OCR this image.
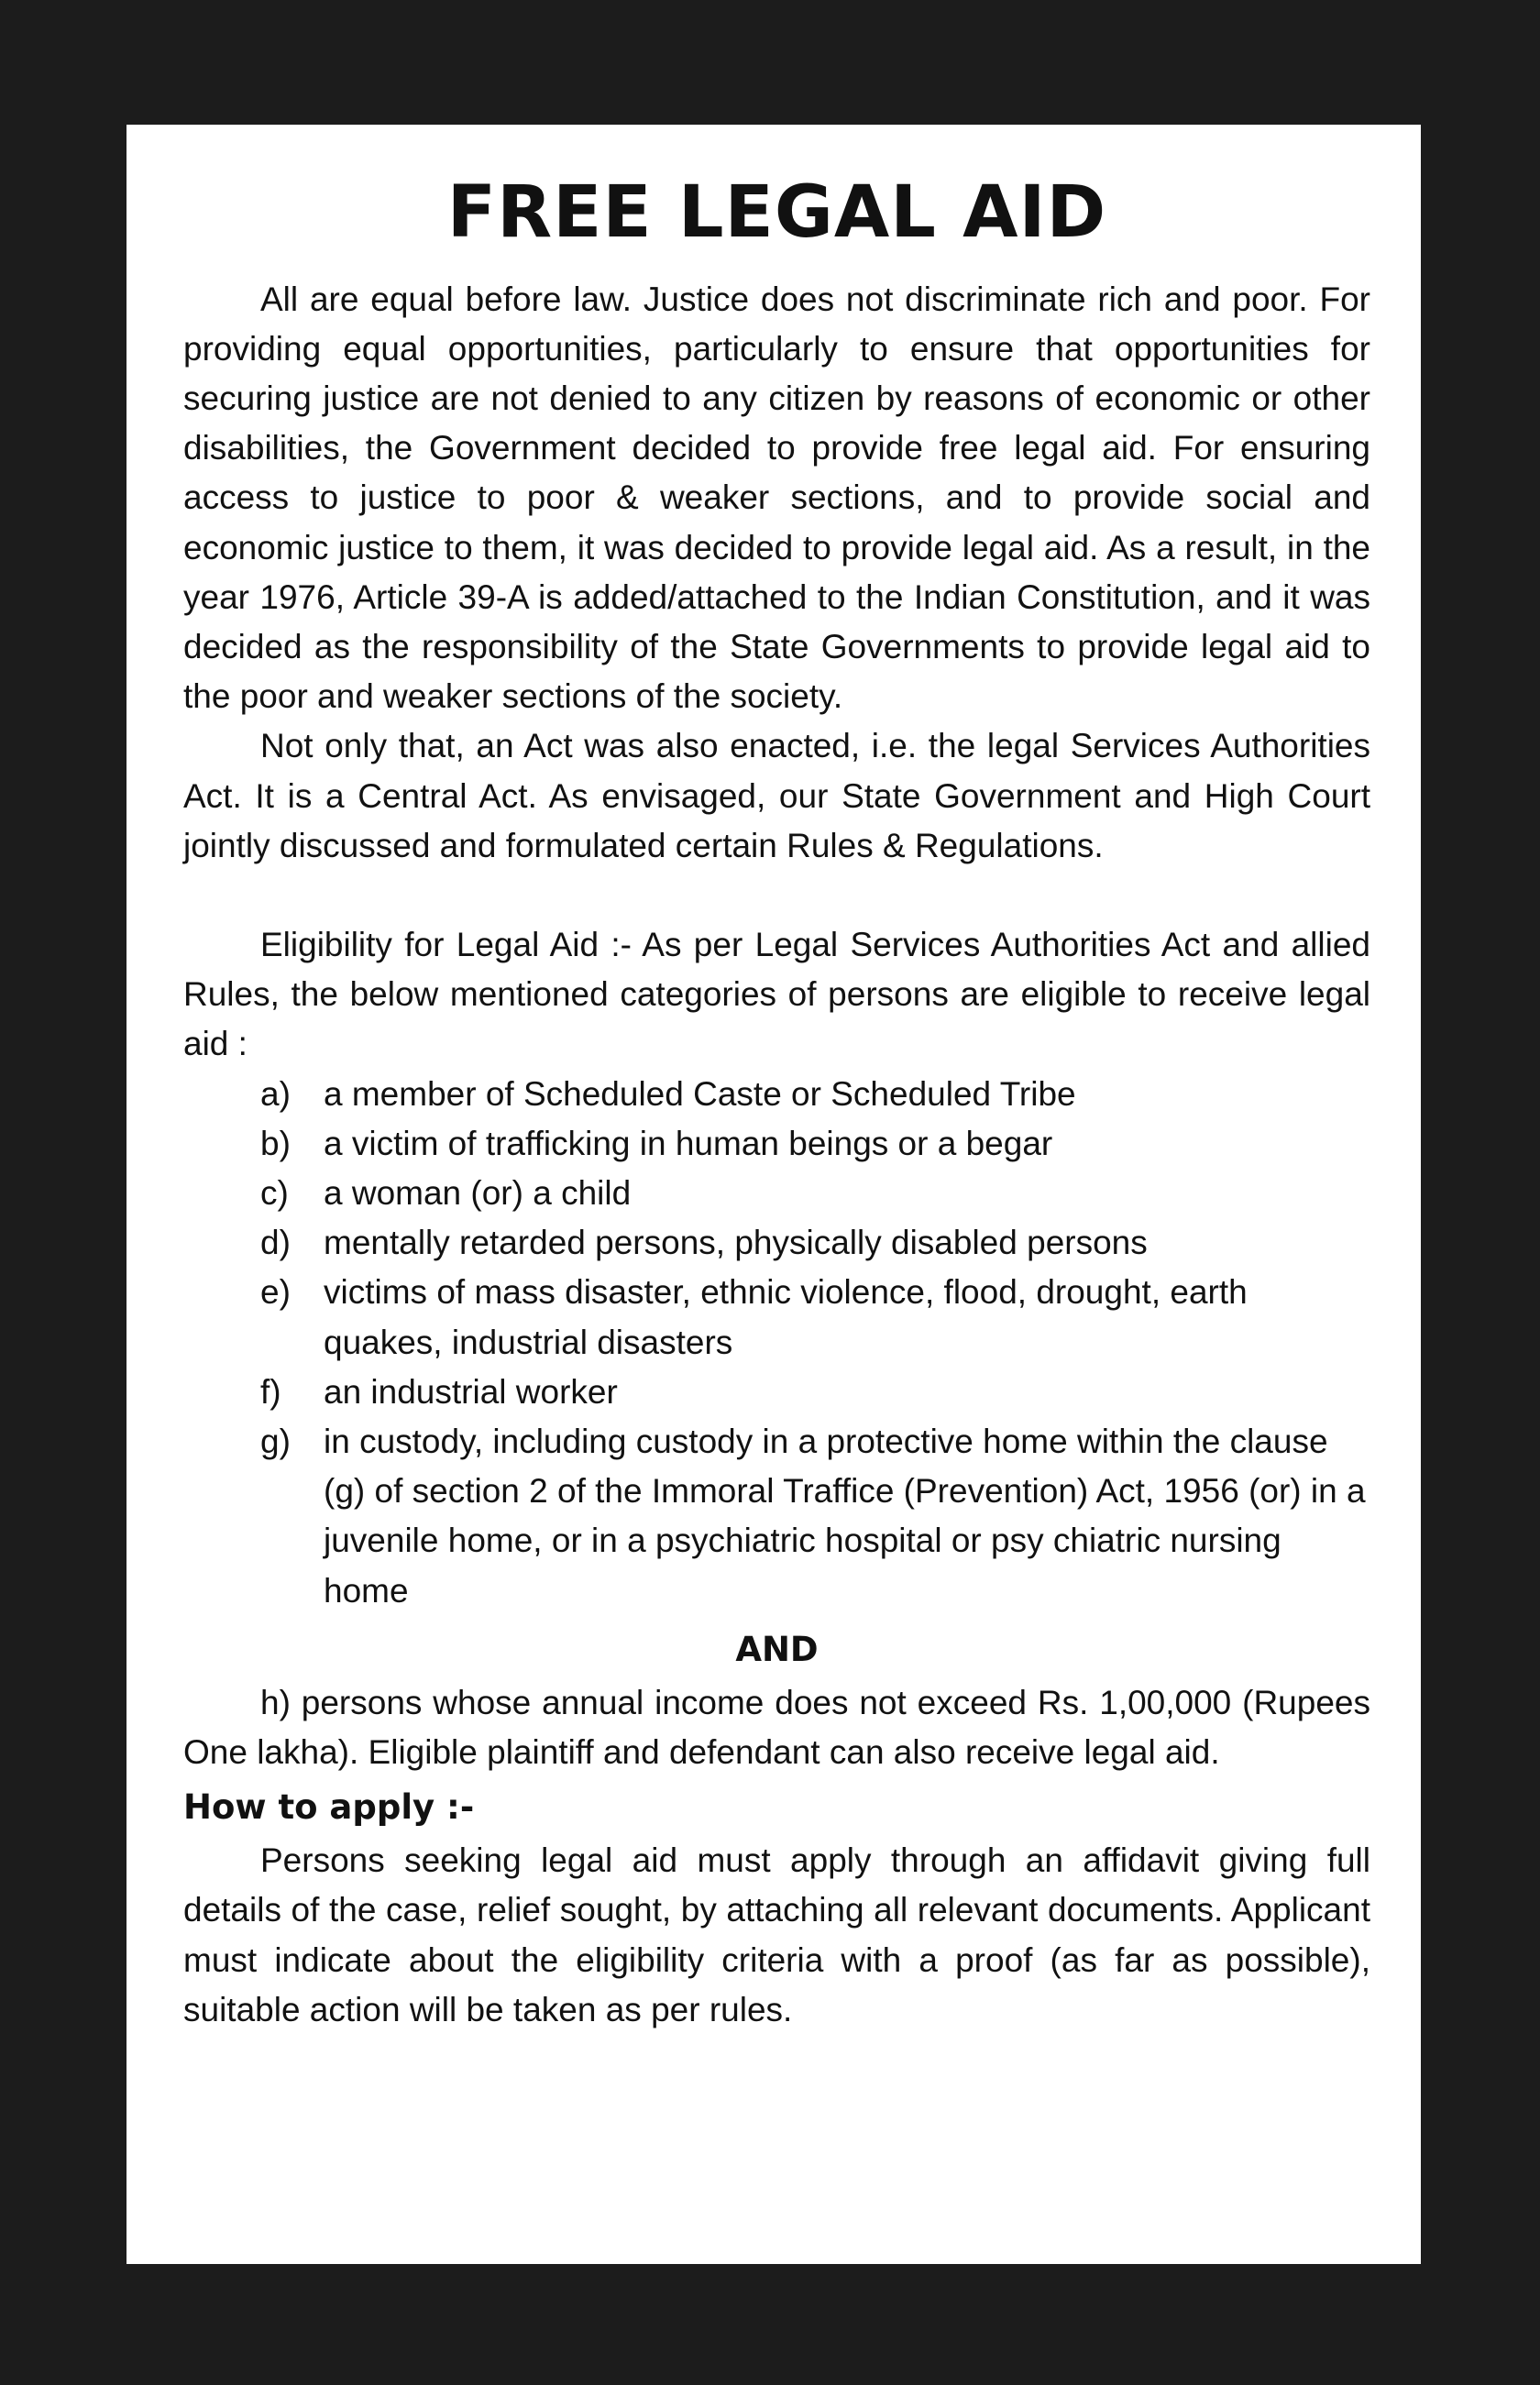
FREE LEGAL AID

All are equal before law. Justice does not discriminate rich and poor. For providing equal opportunities, particularly to ensure that opportunities for securing justice are not denied to any citizen by reasons of economic or other disabilities, the Government decided to provide free legal aid. For ensuring access to justice to poor & weaker sections, and to provide social and economic justice to them, it was decided to provide legal aid. As a result, in the year 1976, Article 39-A is added/attached to the Indian Constitution, and it was decided as the responsibility of the State Governments to provide legal aid to the poor and weaker sections of the society.

Not only that, an Act was also enacted, i.e. the legal Services Authorities Act. It is a Central Act. As envisaged, our State Government and High Court jointly discussed and formulated certain Rules & Regulations.

Eligibility for Legal Aid :- As per Legal Services Authorities Act and allied Rules, the below mentioned categories of persons are eligible to receive legal aid :

a) a member of Scheduled Caste or Scheduled Tribe
b) a victim of trafficking in human beings or a begar
c)	a woman (or) a child
d) mentally retarded persons, physically disabled persons
e) victims of mass disaster, ethnic violence, flood, drought, earth quakes, industrial disasters
f)	an industrial worker
g) in custody, including custody in a protective home within the clause (g) of section 2 of the Immoral Traffice (Prevention) Act, 1956 (or) in a juvenile home, or in a psychiatric hospital or psy chiatric nursing home
AND

h) persons whose annual income does not exceed Rs. 1,00,000 (Rupees One lakha). Eligible plaintiff and defendant can also receive legal aid.

How to apply :-

Persons seeking legal aid must apply through an affidavit giving full details of the case, relief sought, by attaching all relevant documents. Applicant must indicate about the eligibility criteria with a proof (as far as possible), suitable action will be taken as per rules.
